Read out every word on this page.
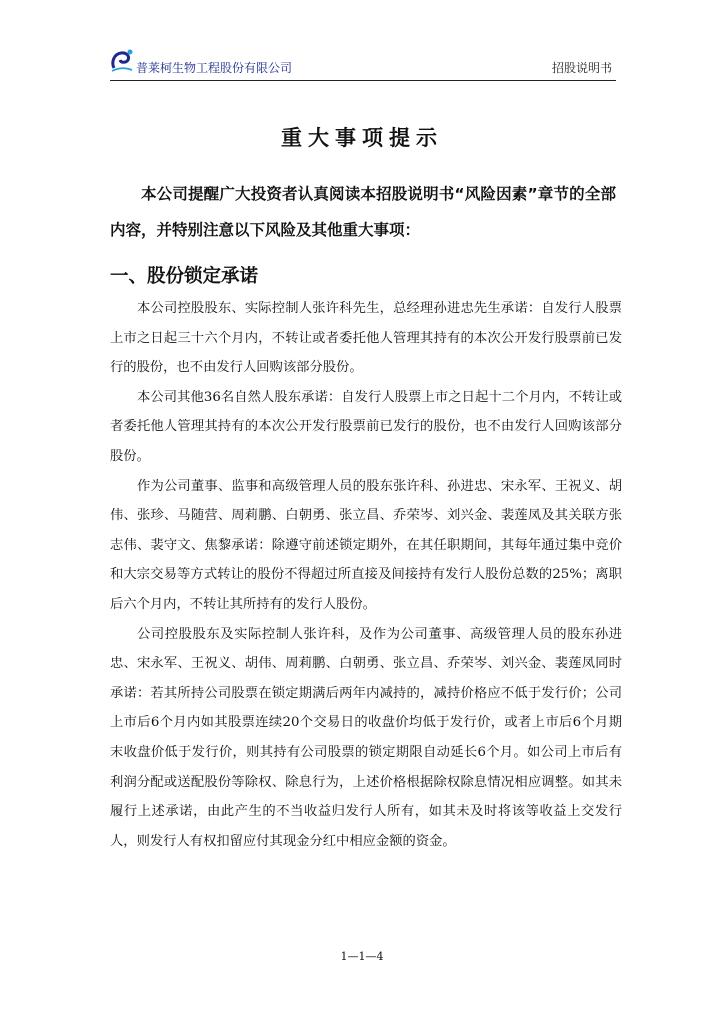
普莱柯生物工程股份有限公司	招股说明书
重大事项提示

本公司提醒广大投资者认真阅读本招股说明书“风险因素”章节的全部内容，并特别注意以下风险及其他重大事项：

一、股份锁定承诺

本公司控股股东、实际控制人张许科先生，总经理孙进忠先生承诺：自发行人股票上市之日起三十六个月内，不转让或者委托他人管理其持有的本次公开发行股票前已发行的股份，也不由发行人回购该部分股份。

本公司其他36名自然人股东承诺：自发行人股票上市之日起十二个月内，不转让或者委托他人管理其持有的本次公开发行股票前已发行的股份，也不由发行人回购该部分股份。

作为公司董事、监事和高级管理人员的股东张许科、孙进忠、宋永军、王祝义、胡伟、张珍、马随营、周莉鹏、白朝勇、张立昌、乔荣岑、刘兴金、裴莲凤及其关联方张志伟、裴守文、焦黎承诺：除遵守前述锁定期外，在其任职期间，其每年通过集中竞价和大宗交易等方式转让的股份不得超过所直接及间接持有发行人股份总数的25%；离职后六个月内，不转让其所持有的发行人股份。

公司控股股东及实际控制人张许科，及作为公司董事、高级管理人员的股东孙进忠、宋永军、王祝义、胡伟、周莉鹏、白朝勇、张立昌、乔荣岑、刘兴金、裴莲凤同时承诺：若其所持公司股票在锁定期满后两年内减持的，减持价格应不低于发行价；公司上市后6个月内如其股票连续20个交易日的收盘价均低于发行价，或者上市后6个月期末收盘价低于发行价，则其持有公司股票的锁定期限自动延长6个月。如公司上市后有利润分配或送配股份等除权、除息行为，上述价格根据除权除息情况相应调整。如其未履行上述承诺，由此产生的不当收益归发行人所有，如其未及时将该等收益上交发行人，则发行人有权扣留应付其现金分红中相应金额的资金。

1—1—4
